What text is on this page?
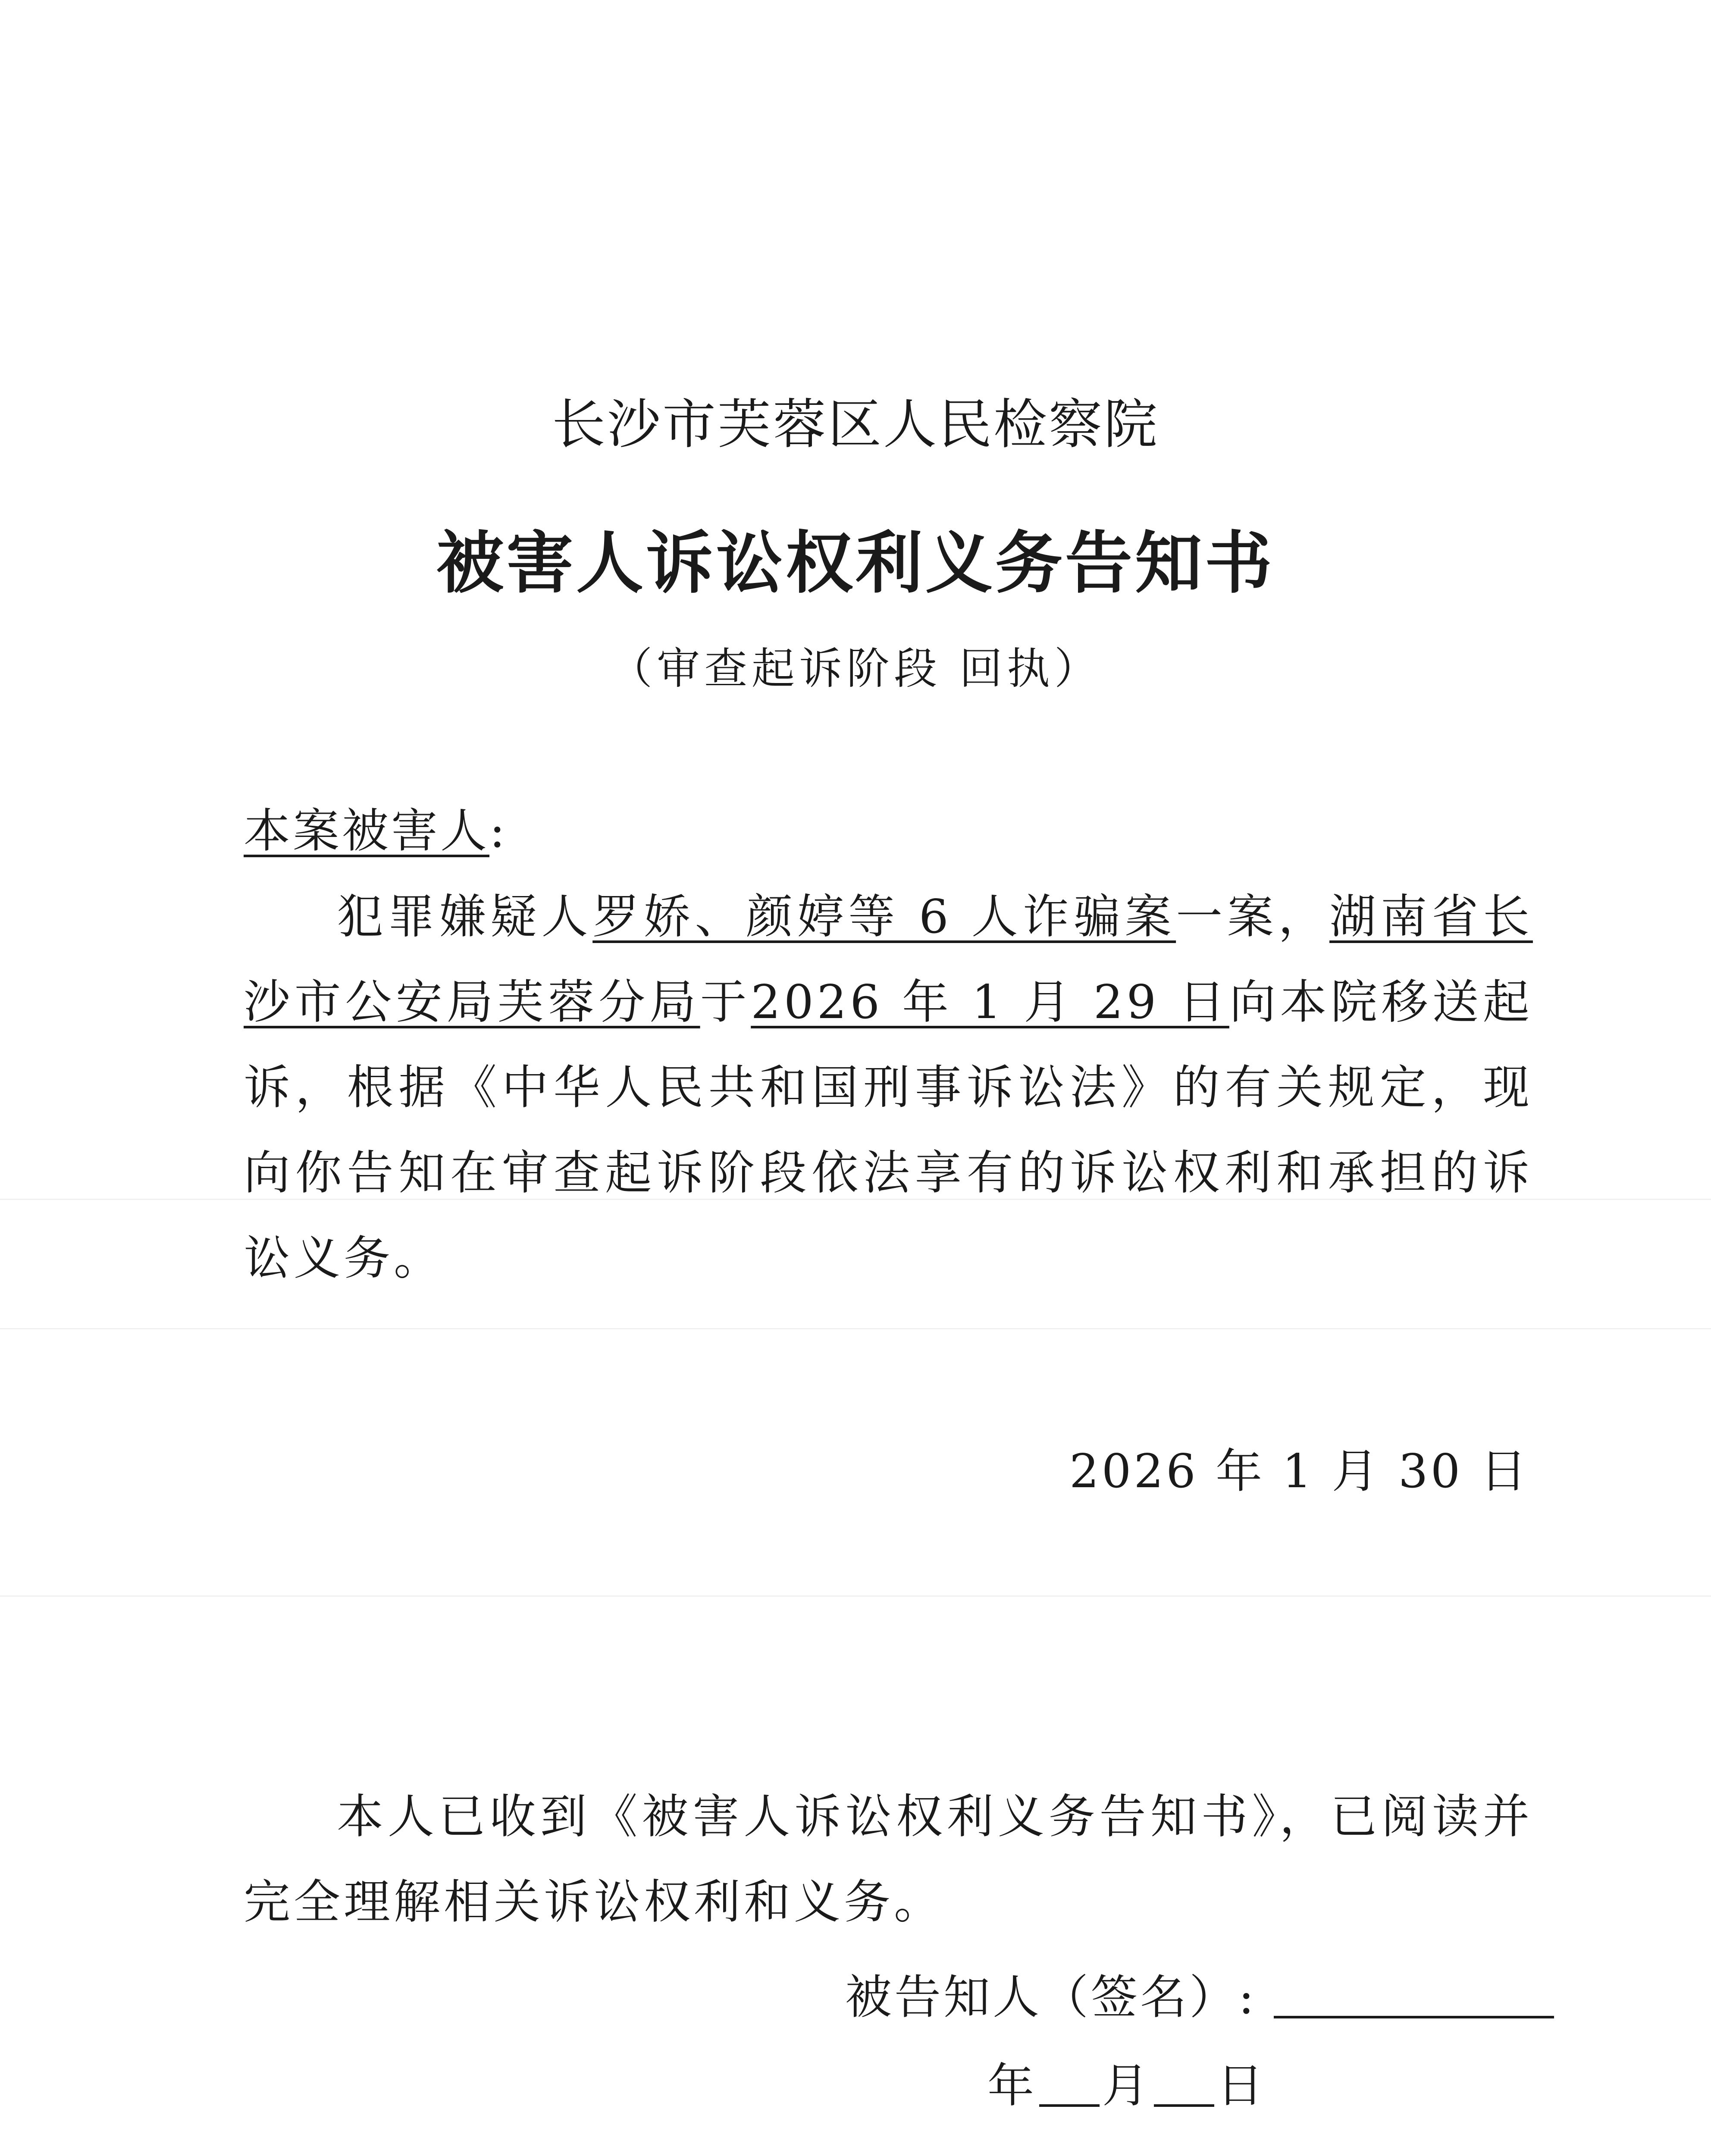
长沙市芙蓉区人民检察院
被害人诉讼权利义务告知书
（审查起诉阶段 回执）
本案被害人:
犯罪嫌疑人罗娇、颜婷等 6 人诈骗案一案，湖南省长沙市公安局芙蓉分局于2026 年 1 月 29 日向本院移送起诉，根据《中华人民共和国刑事诉讼法》的有关规定，现向你告知在审查起诉阶段依法享有的诉讼权利和承担的诉讼义务。
2026 年 1 月 30 日
本人已收到《被害人诉讼权利义务告知书》，已阅读并完全理解相关诉讼权利和义务。
被告知人（签名）:
年 月 日
